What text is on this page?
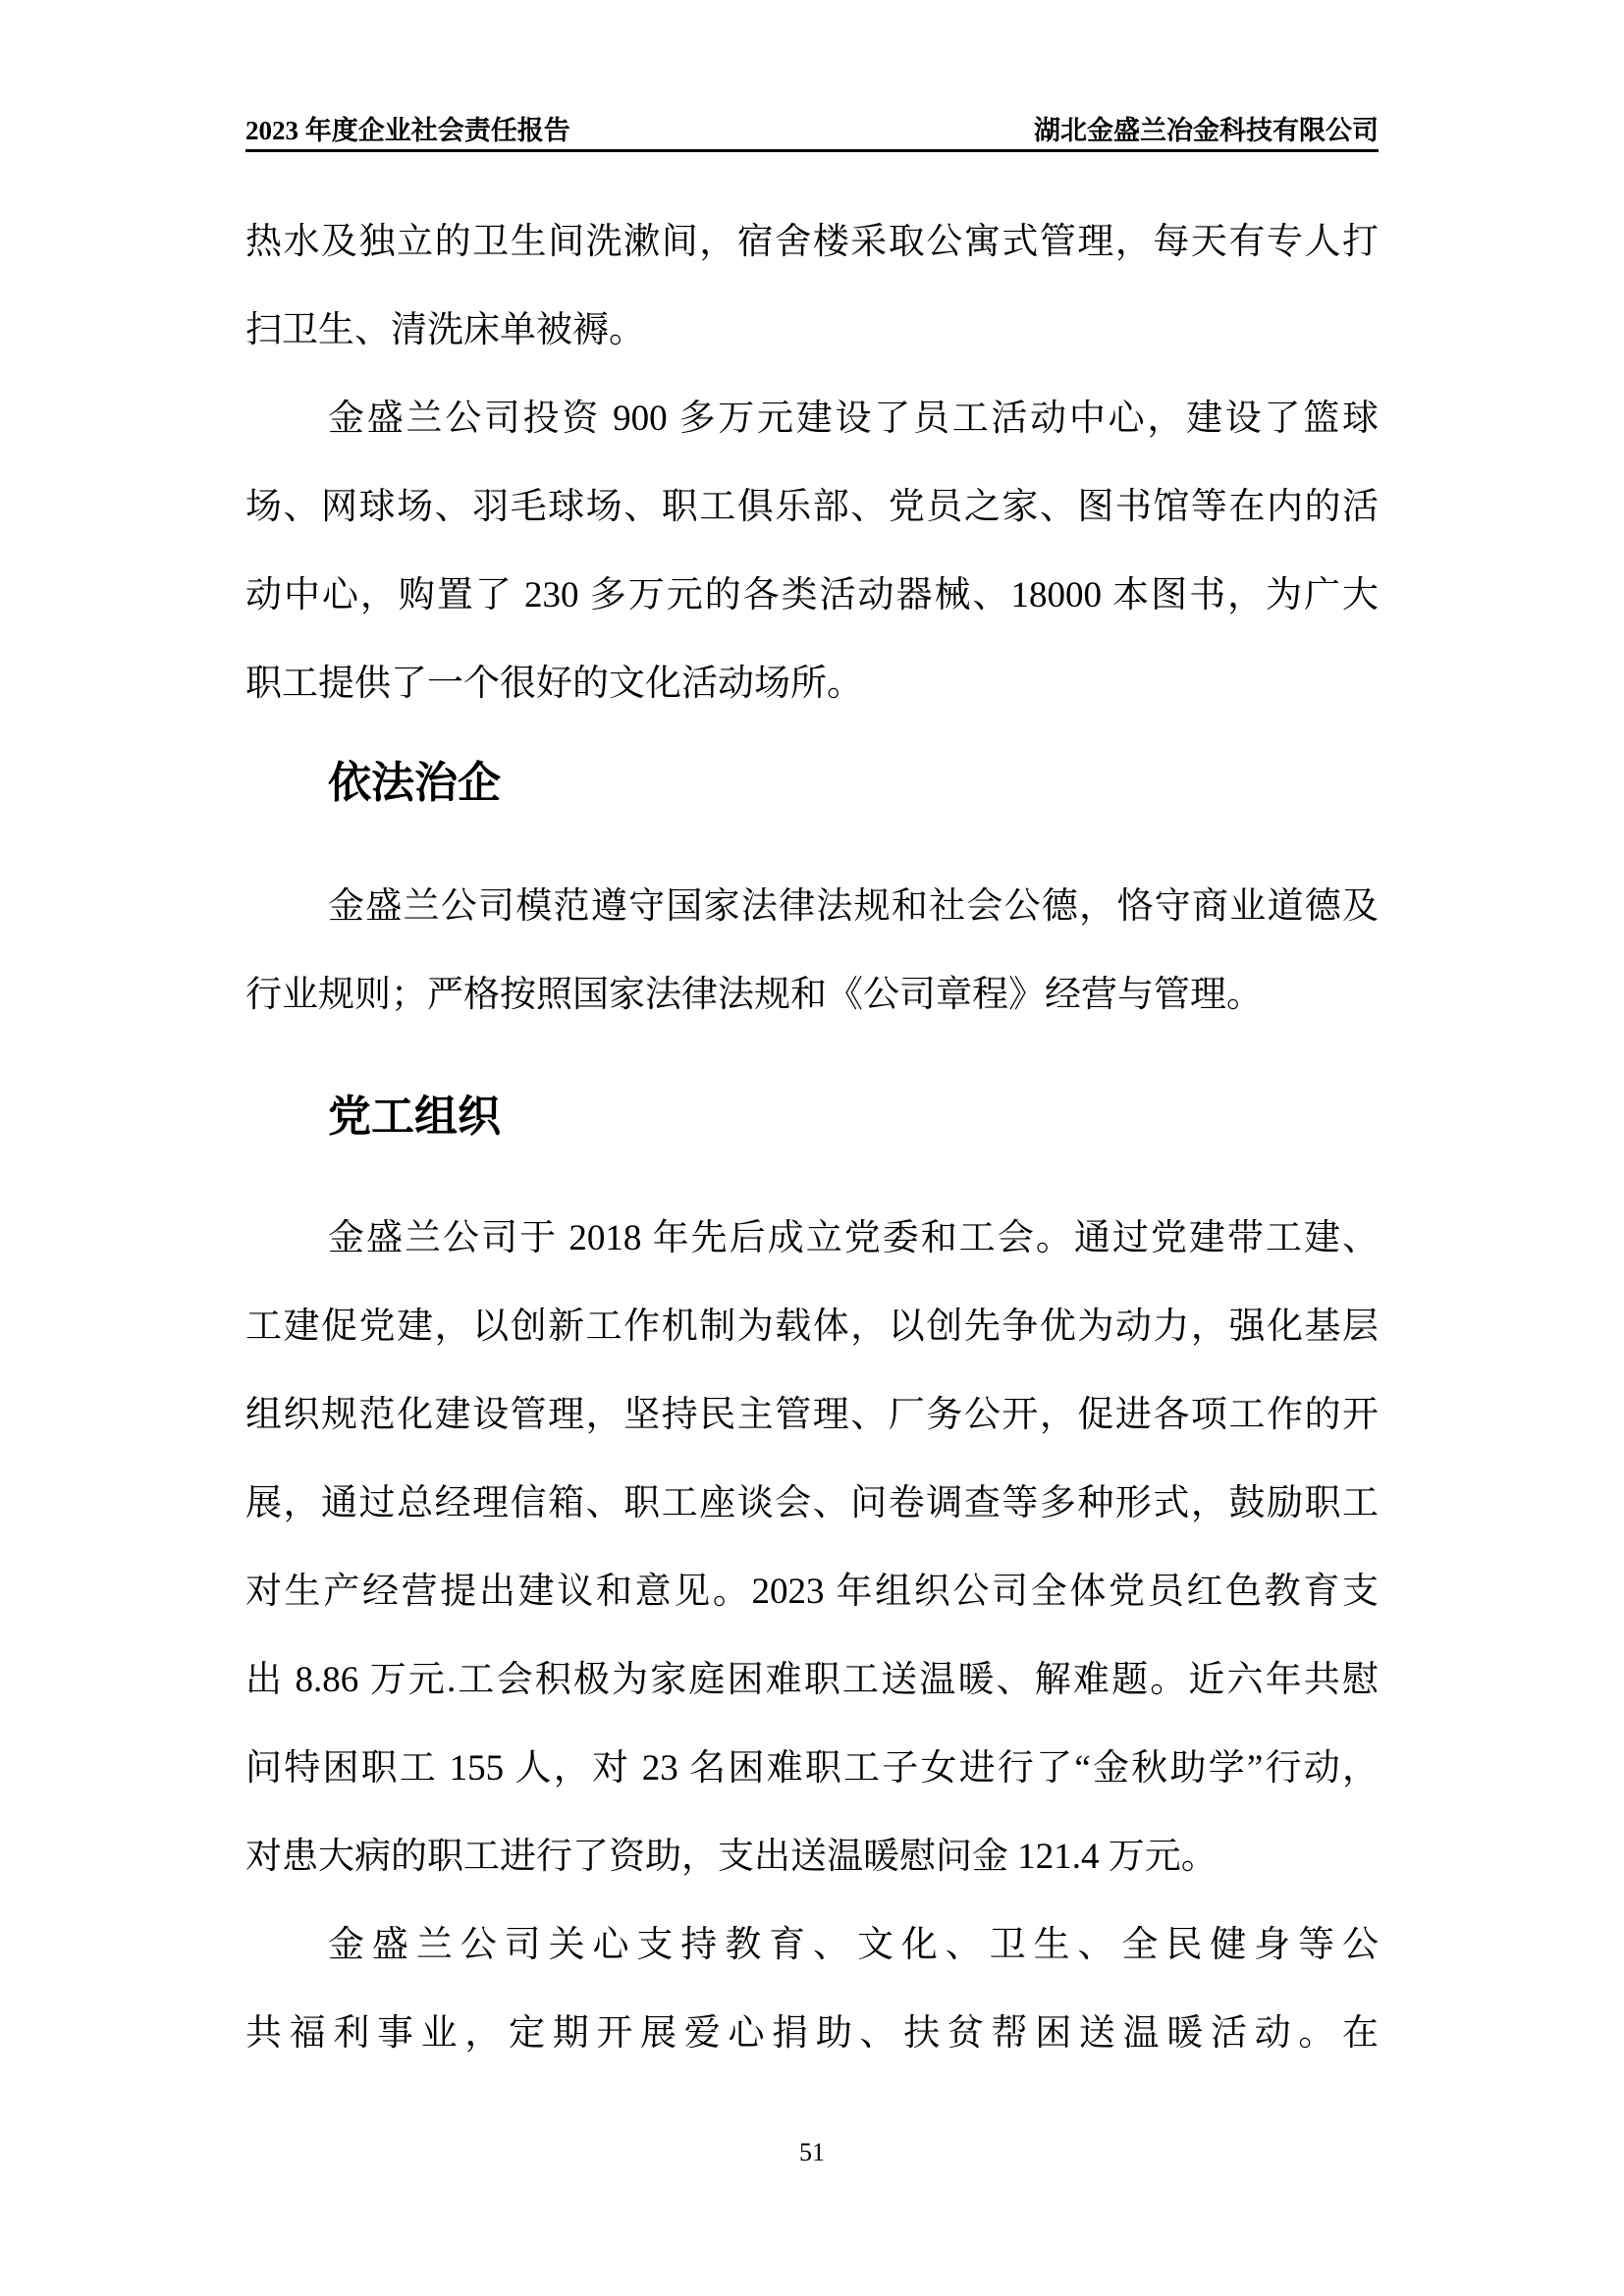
2023 年度企业社会责任报告	湖北金盛兰冶金科技有限公司
热水及独立的卫生间洗漱间，宿舍楼采取公寓式管理，每天有专人打
扫卫生、清洗床单被褥。
金盛兰公司投资 900 多万元建设了员工活动中心，建设了篮球
场、网球场、羽毛球场、职工俱乐部、党员之家、图书馆等在内的活
动中心，购置了 230 多万元的各类活动器械、18000 本图书，为广大
职工提供了一个很好的文化活动场所。
依法治企
金盛兰公司模范遵守国家法律法规和社会公德，恪守商业道德及
行业规则；严格按照国家法律法规和《公司章程》经营与管理。
党工组织
金盛兰公司于 2018 年先后成立党委和工会。通过党建带工建、
工建促党建，以创新工作机制为载体，以创先争优为动力，强化基层
组织规范化建设管理，坚持民主管理、厂务公开，促进各项工作的开
展，通过总经理信箱、职工座谈会、问卷调查等多种形式，鼓励职工
对生产经营提出建议和意见。2023 年组织公司全体党员红色教育支
出 8.86 万元.工会积极为家庭困难职工送温暖、解难题。近六年共慰
问特困职工 155 人，对 23 名困难职工子女进行了“金秋助学”行动，
对患大病的职工进行了资助，支出送温暖慰问金 121.4 万元。
金盛兰公司关心支持教育、文化、卫生、全民健身等公
共福利事业，定期开展爱心捐助、扶贫帮困送温暖活动。在
51
